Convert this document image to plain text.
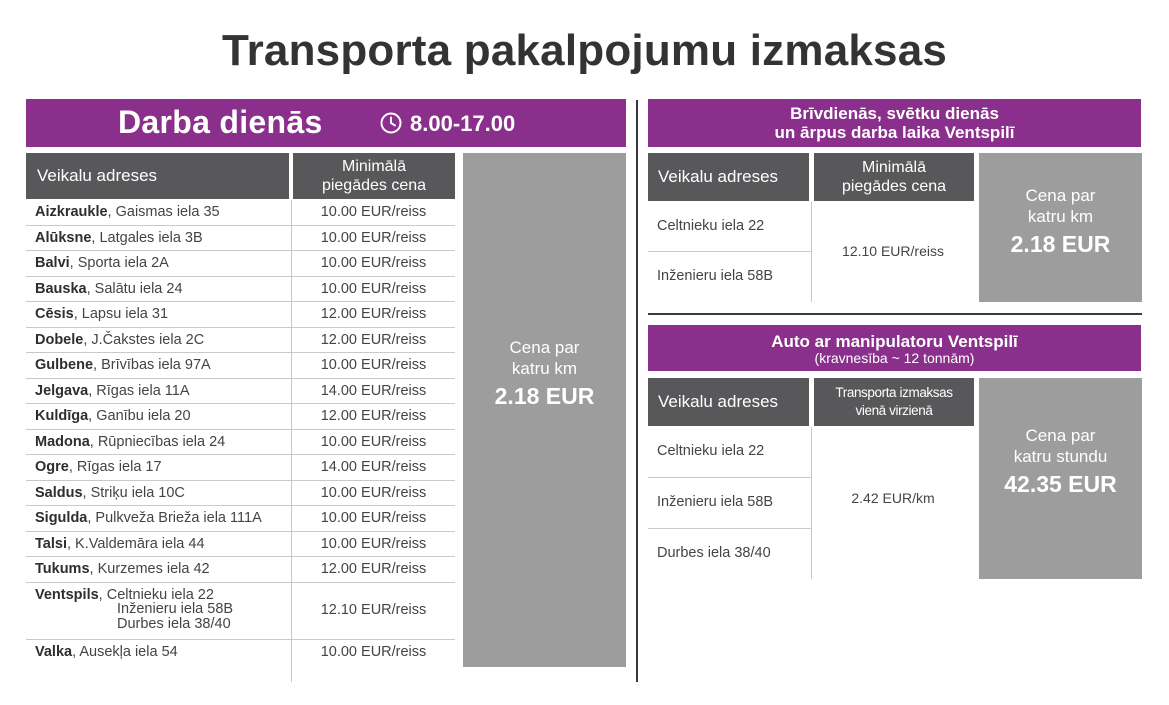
Transporta pakalpojumu izmaksas
Darba dienās	8.00-17.00
Veikalu adreses	Minimālā
piegādes cena
Aizkraukle, Gaismas iela 35	10.00 EUR/reiss
Alūksne, Latgales iela 3B	10.00 EUR/reiss
Balvi, Sporta iela 2A	10.00 EUR/reiss
Bauska, Salātu iela 24	10.00 EUR/reiss
Cēsis, Lapsu iela 31	12.00 EUR/reiss
Dobele, J.Čakstes iela 2C	12.00 EUR/reiss
Gulbene, Brīvības iela 97A	10.00 EUR/reiss
Jelgava, Rīgas iela 11A	14.00 EUR/reiss
Kuldīga, Ganību iela 20	12.00 EUR/reiss
Madona, Rūpniecības iela 24	10.00 EUR/reiss
Ogre, Rīgas iela 17	14.00 EUR/reiss
Saldus, Striķu iela 10C	10.00 EUR/reiss
Sigulda, Pulkveža Brieža iela 111A	10.00 EUR/reiss
Talsi, K.Valdemāra iela 44	10.00 EUR/reiss
Tukums, Kurzemes iela 42	12.00 EUR/reiss
Ventspils, Celtnieku iela 22
Inženieru iela 58B
Durbes iela 38/40
12.10 EUR/reiss
Valka, Ausekļa iela 54	10.00 EUR/reiss
Cena par
katru km
2.18 EUR
Brīvdienās, svētku dienās
un ārpus darba laika Ventspilī
Veikalu adreses	Minimālā
piegādes cena
Celtnieku iela 22
Inženieru iela 58B
12.10 EUR/reiss
Cena par
katru km
2.18 EUR
Auto ar manipulatoru Ventspilī
(kravnesība ~ 12 tonnām)
Veikalu adreses	Transporta izmaksas
vienā virzienā
Celtnieku iela 22
Inženieru iela 58B
Durbes iela 38/40
2.42 EUR/km
Cena par
katru stundu
42.35 EUR
